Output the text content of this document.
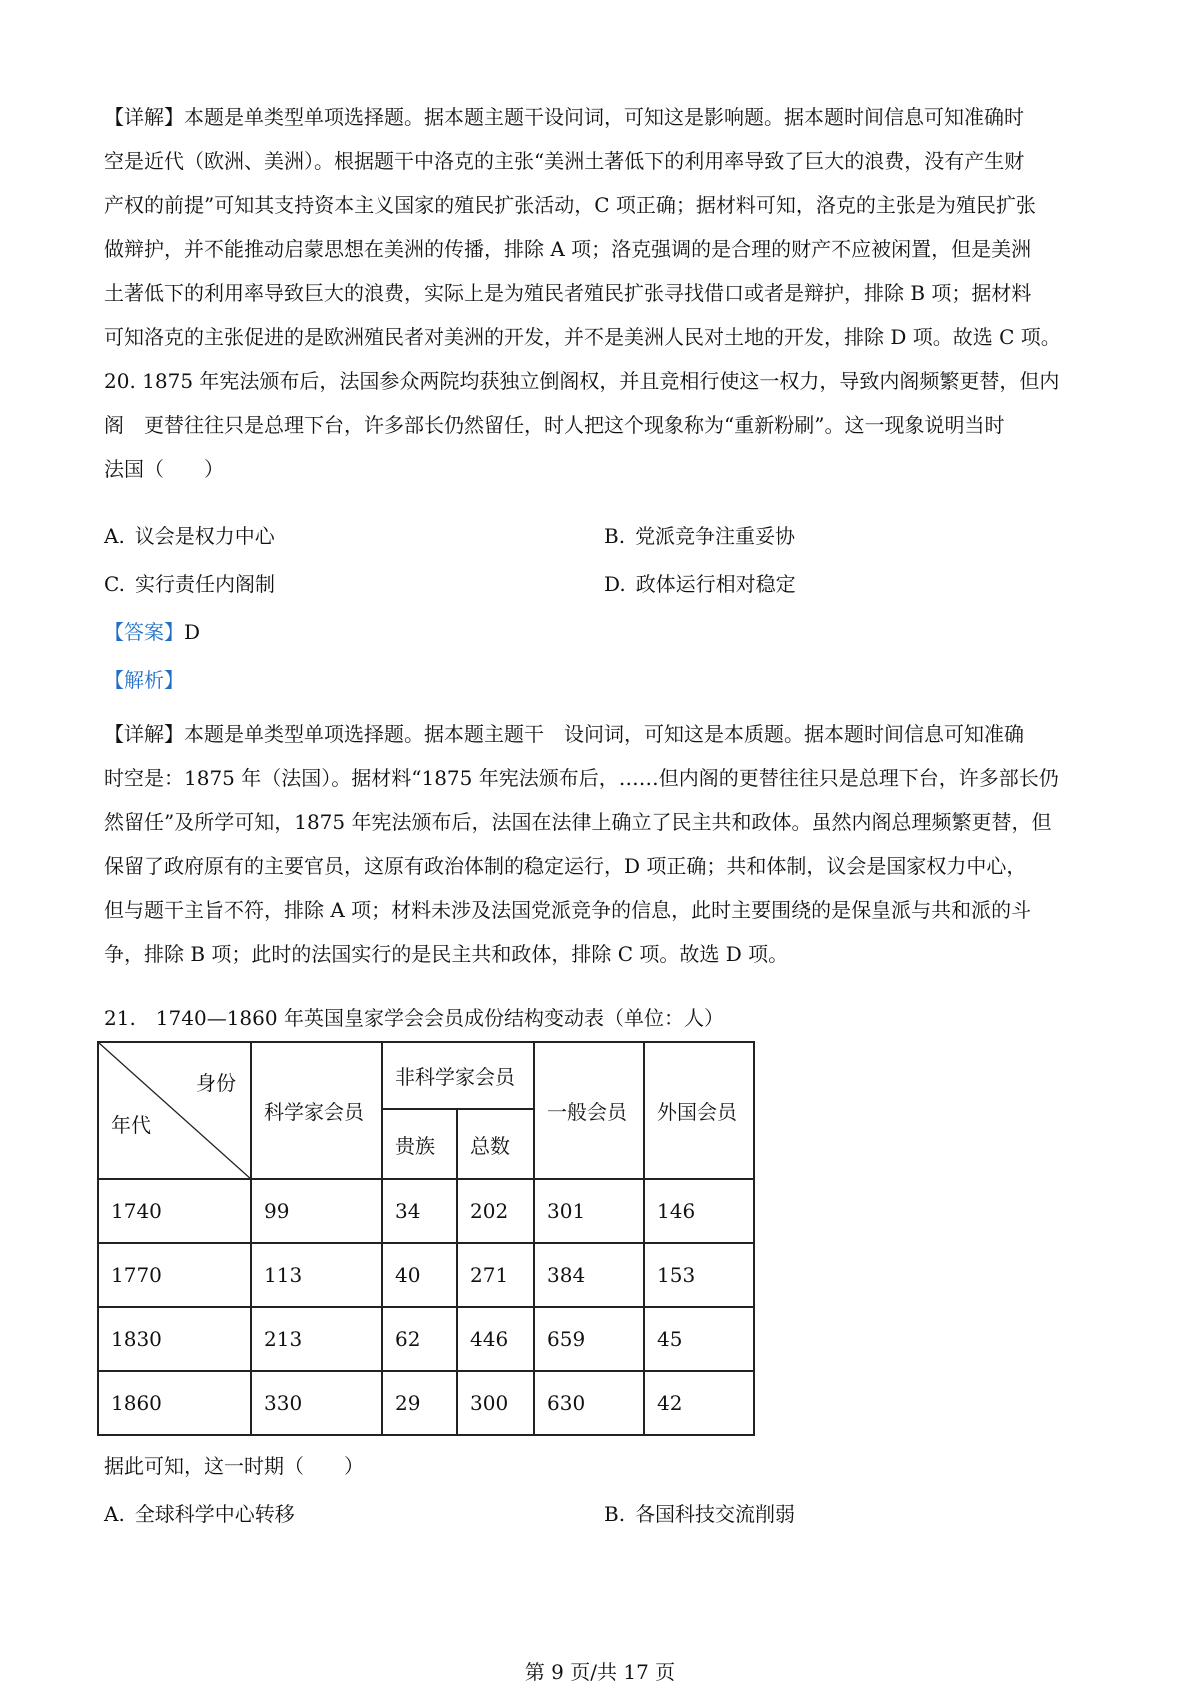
【详解】本题是单类型单项选择题。据本题主题干设问词，可知这是影响题。据本题时间信息可知准确时
空是近代（欧洲、美洲）。根据题干中洛克的主张“美洲土著低下的利用率导致了巨大的浪费，没有产生财
产权的前提”可知其支持资本主义国家的殖民扩张活动，C 项正确；据材料可知，洛克的主张是为殖民扩张
做辩护，并不能推动启蒙思想在美洲的传播，排除 A 项；洛克强调的是合理的财产不应被闲置，但是美洲
土著低下的利用率导致巨大的浪费，实际上是为殖民者殖民扩张寻找借口或者是辩护，排除 B 项；据材料
可知洛克的主张促进的是欧洲殖民者对美洲的开发，并不是美洲人民对土地的开发，排除 D 项。故选 C 项。
20. 1875 年宪法颁布后，法国参众两院均获独立倒阁权，并且竞相行使这一权力，导致内阁频繁更替，但内
阁　更替往往只是总理下台，许多部长仍然留任，时人把这个现象称为“重新粉刷”。这一现象说明当时
法国（　　）
A. 议会是权力中心	B. 党派竞争注重妥协
C. 实行责任内阁制	D. 政体运行相对稳定
【答案】D
【解析】
【详解】本题是单类型单项选择题。据本题主题干　设问词，可知这是本质题。据本题时间信息可知准确
时空是：1875 年（法国）。据材料“1875 年宪法颁布后，……但内阁的更替往往只是总理下台，许多部长仍
然留任”及所学可知，1875 年宪法颁布后，法国在法律上确立了民主共和政体。虽然内阁总理频繁更替，但
保留了政府原有的主要官员，这原有政治体制的稳定运行，D 项正确；共和体制，议会是国家权力中心，
但与题干主旨不符，排除 A 项；材料未涉及法国党派竞争的信息，此时主要围绕的是保皇派与共和派的斗
争，排除 B 项；此时的法国实行的是民主共和政体，排除 C 项。故选 D 项。
21.　1740—1860 年英国皇家学会会员成份结构变动表（单位：人）
身份
年代	科学家会员	非科学家会员		一般会员	外国会员
		贵族	总数		
1740	99	34	202	301	146
1770	113	40	271	384	153
1830	213	62	446	659	45
1860	330	29	300	630	42
据此可知，这一时期（　　）
A. 全球科学中心转移	B. 各国科技交流削弱
第 9 页/共 17 页
